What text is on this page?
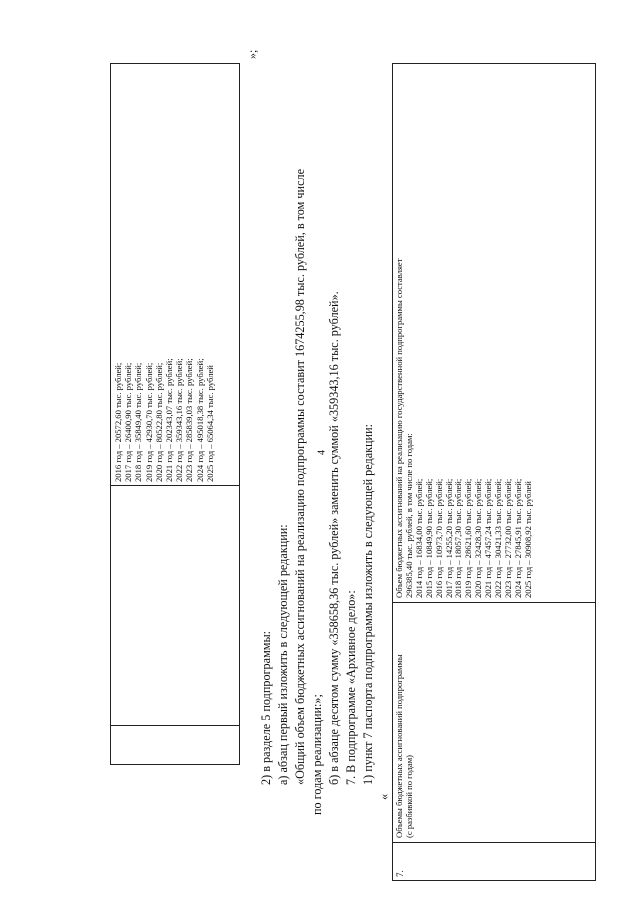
4
2016 год – 20572,60 тыс. рублей; 2017 год – 26400,90 тыс. рублей; 2018 год – 35849,40 тыс. рублей; 2019 год – 42930,70 тыс. рублей; 2020 год – 80522,80 тыс. рублей; 2021 год – 202343,07 тыс. рублей; 2022 год – 359343,16 тыс. рублей; 2023 год – 285839,03 тыс. рублей; 2024 год – 495018,38 тыс. рублей; 2025 год – 65064,34 тыс. рублей
»;
2) в разделе 5 подпрограммы: а) абзац первый изложить в следующей редакции: «Общий объем бюджетных ассигнований на реализацию подпрограммы составит 1674255,98 тыс. рублей, в том числе по годам реализации:»; б) в абзаце десятом сумму «358658,36 тыс. рублей» заменить суммой «359343,16 тыс. рублей». 7. В подпрограмме «Архивное дело»: 1) пункт 7 паспорта подпрограммы изложить в следующей редакции:
«
7.
Объемы бюджетных ассигнований подпрограммы (с разбивкой по годам)
Объем бюджетных ассигнований на реализацию государственной подпрограммы составляет 296385,40 тыс. рублей, в том числе по годам: 2014 год – 16834,00 тыс. рублей; 2015 год – 10849,90 тыс. рублей; 2016 год – 10973,70 тыс. рублей; 2017 год – 14255,20 тыс. рублей; 2018 год – 18057,30 тыс. рублей; 2019 год – 28621,60 тыс. рублей; 2020 год – 32428,30 тыс. рублей; 2021 год – 47457,24 тыс. рублей; 2022 год – 30421,33 тыс. рублей; 2023 год – 27732,00 тыс. рублей; 2024 год – 27845,91 тыс. рублей; 2025 год – 30908,92 тыс. рублей
